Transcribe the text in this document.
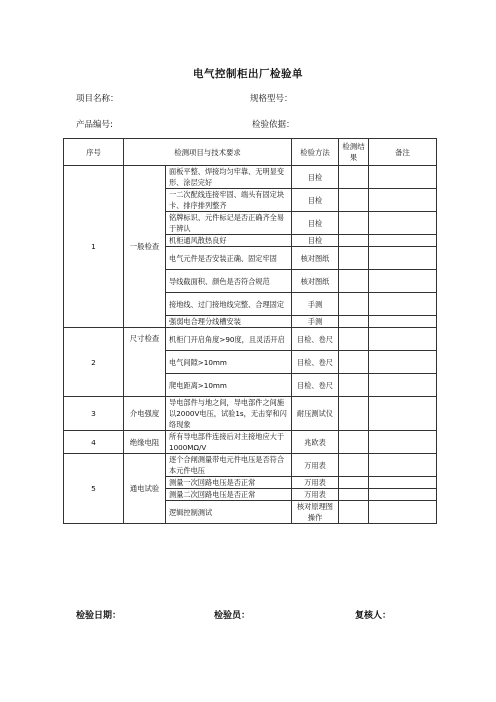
电气控制柜出厂检验单
项目名称：	规格型号：
产品编号:	检验依据：
序号	检测项目与技术要求		检验方法	检测结果	备注
1	一般检查	面板平整、焊接均匀牢靠、无明显变形、涂层完好	目检		
		一二次配线连接牢固、端头有固定块卡、排序排列整齐	目检		
		铭牌标识、元件标记是否正确齐全易于辨认	目检		
		机柜通风散热良好	目检		
		电气元件是否安装正确、固定牢固	核对图纸		
		导线截面积、颜色是否符合规范	核对图纸		
		接地线、过门接地线完整、合理固定	手测		
		强弱电合理分线槽安装	手测		
2	尺寸检查	机柜门开启角度>90度，且灵活开启	目检、卷尺		
		电气间隙>10mm	目检、卷尺		
		爬电距离>10mm	目检、卷尺		
3	介电强度	导电部件与地之间，导电部件之间施以2000V电压，试验1s，无击穿和闪络现象	耐压测试仪		
4	绝缘电阻	所有导电部件连接后对主接地应大于1000ΜΩ/V	兆欧表		
5	通电试验	逐个合闸测量带电元件电压是否符合本元件电压	万用表		
		测量一次回路电压是否正常	万用表		
		测量二次回路电压是否正常	万用表		
		逻辑控制测试	核对原理图操作		
检验日期：	检验员：	复核人：
